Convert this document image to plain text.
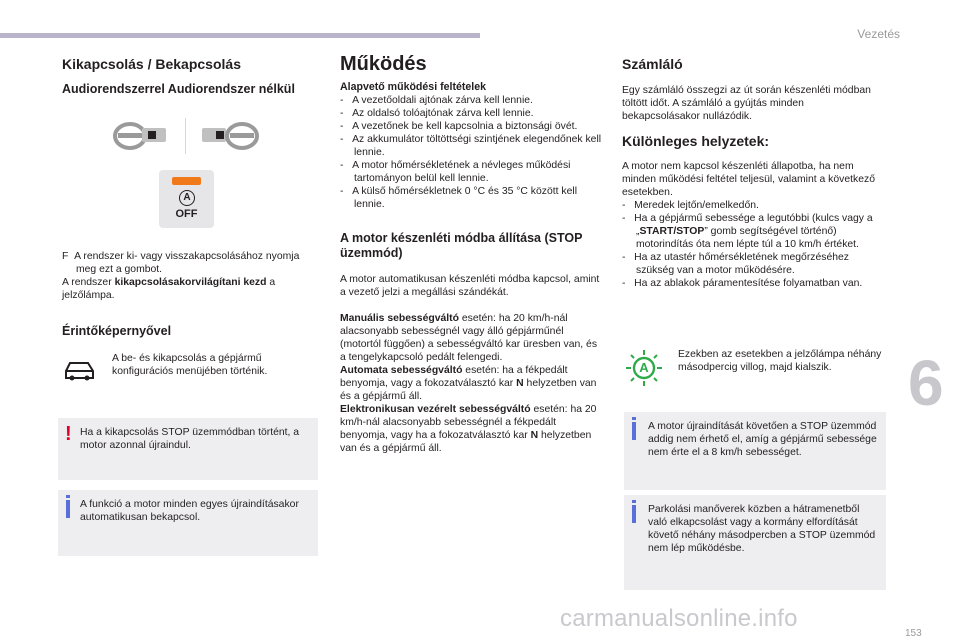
Vezetés
Kikapcsolás / Bekapcsolás
Audiorendszerrel Audiorendszer nélkül
A
OFF

F  A rendszer ki- vagy visszakapcsolásához nyomja meg ezt a gombot.

A rendszer kikapcsolásakorvilágítani kezd a jelzőlámpa.

Érintőképernyővel
A be- és kikapcsolás a gépjármű konfigurációs menüjében történik.
! Ha a kikapcsolás STOP üzemmódban történt, a motor azonnal újraindul.
A funkció a motor minden egyes újraindításakor automatikusan bekapcsol.
Működés
Alapvető működési feltételek

-   A vezetőoldali ajtónak zárva kell lennie.

-   Az oldalsó tolóajtónak zárva kell lennie.

-   A vezetőnek be kell kapcsolnia a biztonsági övét.

-   Az akkumulátor töltöttségi szintjének elegendőnek kell lennie.

-   A motor hőmérsékletének a névleges működési tartományon belül kell lennie.

-   A külső hőmérsékletnek 0 °C és 35 °C között kell lennie.

A motor készenléti módba állítása (STOP üzemmód)

A motor automatikusan készenléti módba kapcsol, amint a vezető jelzi a megállási szándékát.

Manuális sebességváltó esetén: ha 20 km/h-nál alacsonyabb sebességnél vagy álló gépjárműnél (motortól függően) a sebességváltó kar üresben van, és a tengelykapcsoló pedált felengedi.
Automata sebességváltó esetén: ha a fékpedált benyomja, vagy a fokozatválasztó kar N helyzetben van és a gépjármű áll.
Elektronikusan vezérelt sebességváltó esetén: ha 20 km/h-nál alacsonyabb sebességnél a fékpedált benyomja, vagy ha a fokozatválasztó kar N helyzetben van és a gépjármű áll.

Számláló

Egy számláló összegzi az út során készenléti módban töltött időt. A számláló a gyújtás minden bekapcsolásakor nullázódik.

Különleges helyzetek:

A motor nem kapcsol készenléti állapotba, ha nem minden működési feltétel teljesül, valamint a következő esetekben.

-   Meredek lejtőn/emelkedőn.

-   Ha a gépjármű sebessége a legutóbbi (kulcs vagy a „START/STOP” gomb segítségével történő) motorindítás óta nem lépte túl a 10 km/h értéket.

-   Ha az utastér hőmérsékletének megőrzéséhez szükség van a motor működésére.

-   Ha az ablakok páramentesítése folyamatban van.

A
Ezekben az esetekben a jelzőlámpa néhány másodpercig villog, majd kialszik.
A motor újraindítását követően a STOP üzemmód addig nem érhető el, amíg a gépjármű sebessége nem érte el a 8 km/h sebességet.
Parkolási manőverek közben a hátramenetből való elkapcsolást vagy a kormány elfordítását követő néhány másodpercben a STOP üzemmód nem lép működésbe.
6
carmanualsonline.info
153
